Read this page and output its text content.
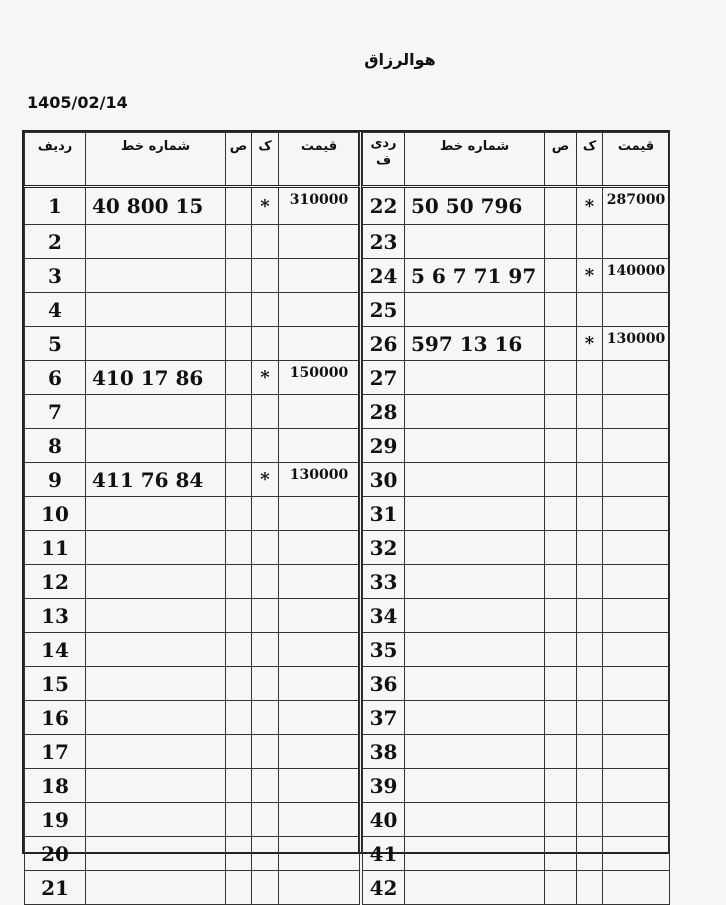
هوالرزاق
1405/02/14
ردیف	شماره خط	ص	ک	قیمت
1	40 800 15		*	310000
2				
3				
4				
5				
6	410 17 86		*	150000
7				
8				
9	411 76 84		*	130000
10				
11				
12				
13				
14				
15				
16				
17				
18				
19				
20				
21				
ردی ف	شماره خط	ص	ک	قیمت
22	50 50 796		*	287000
23				
24	5 6 7 71 97		*	140000
25				
26	597 13 16		*	130000
27				
28				
29				
30				
31				
32				
33				
34				
35				
36				
37				
38				
39				
40				
41				
42				
